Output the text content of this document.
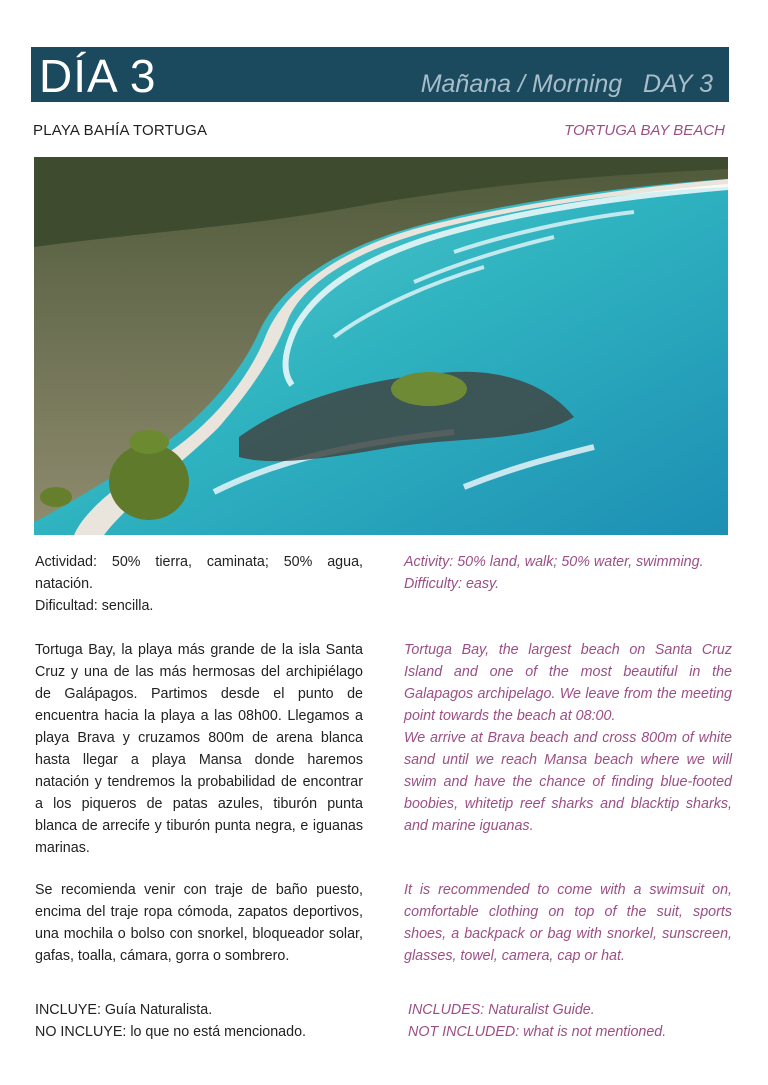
DÍA 3	Mañana / Morning   DAY 3
PLAYA BAHÍA TORTUGA	TORTUGA BAY BEACH

Actividad: 50% tierra, caminata; 50% agua, natación.

Dificultad: sencilla.

Activity: 50% land, walk; 50% water, swimming.

Difficulty: easy.

Tortuga Bay, la playa más grande de la isla Santa Cruz y una de las más hermosas del archipiélago de Galápagos. Partimos desde el punto de encuentra hacia la playa a las 08h00. Llegamos a playa Brava y cruzamos 800m de arena blanca hasta llegar a playa Mansa donde haremos natación y tendremos la probabilidad de encontrar a los piqueros de patas azules, tiburón punta blanca de arrecife y tiburón punta negra, e iguanas marinas.

Tortuga Bay, the largest beach on Santa Cruz Island and one of the most beautiful in the Galapagos archipelago. We leave from the meeting point towards the beach at 08:00.

We arrive at Brava beach and cross 800m of white sand until we reach Mansa beach where we will swim and have the chance of finding blue-footed boobies, whitetip reef sharks and blacktip sharks, and marine iguanas.

Se recomienda venir con traje de baño puesto, encima del traje ropa cómoda, zapatos deportivos, una mochila o bolso con snorkel, bloqueador solar, gafas, toalla, cámara, gorra o sombrero.

It is recommended to come with a swimsuit on, comfortable clothing on top of the suit, sports shoes, a backpack or bag with snorkel, sunscreen, glasses, towel, camera, cap or hat.

INCLUYE: Guía Naturalista.

NO INCLUYE: lo que no está mencionado.

INCLUDES: Naturalist Guide.

NOT INCLUDED: what is not mentioned.
